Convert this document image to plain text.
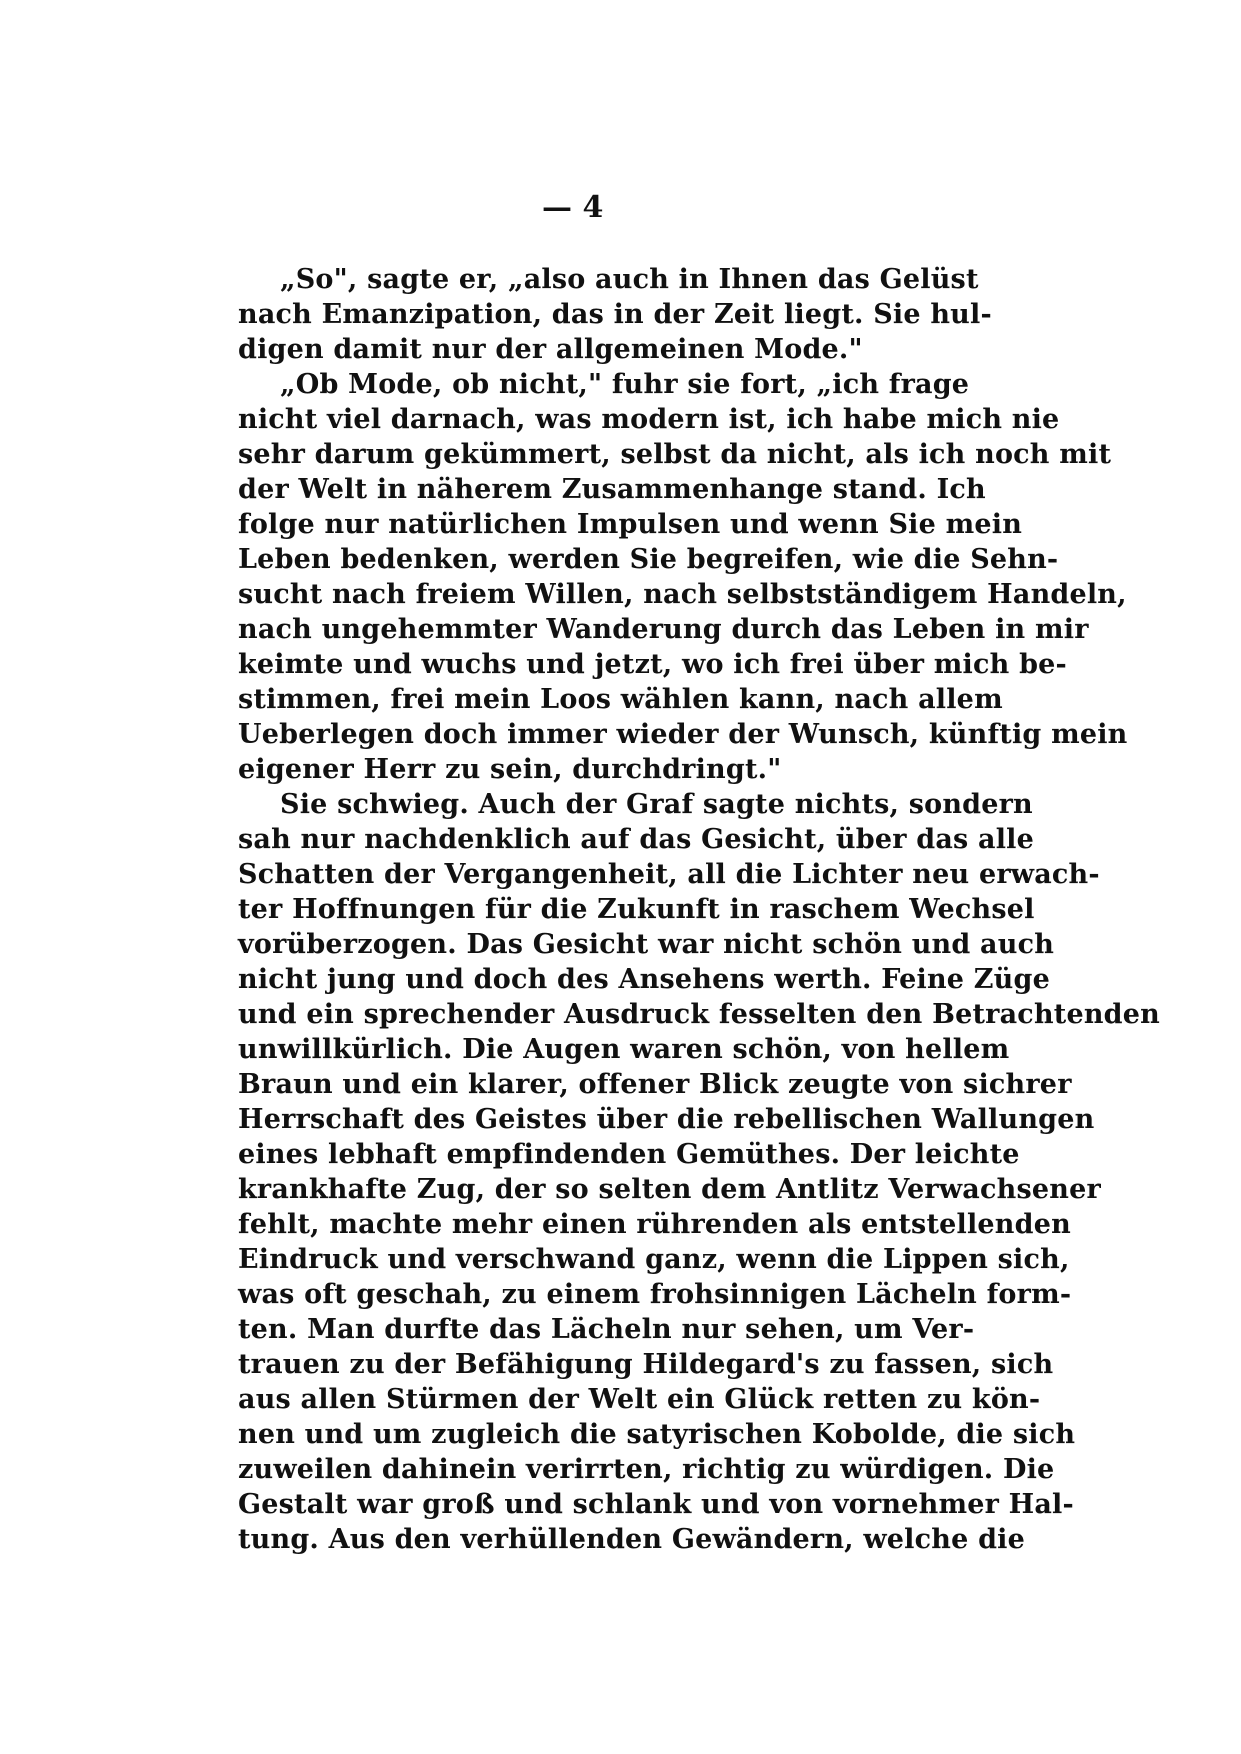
— 4
„So", sagte er, „also auch in Ihnen das Gelüst
nach Emanzipation, das in der Zeit liegt. Sie hul-
digen damit nur der allgemeinen Mode."
„Ob Mode, ob nicht," fuhr sie fort, „ich frage
nicht viel darnach, was modern ist, ich habe mich nie
sehr darum gekümmert, selbst da nicht, als ich noch mit
der Welt in näherem Zusammenhange stand. Ich
folge nur natürlichen Impulsen und wenn Sie mein
Leben bedenken, werden Sie begreifen, wie die Sehn-
sucht nach freiem Willen, nach selbstständigem Handeln,
nach ungehemmter Wanderung durch das Leben in mir
keimte und wuchs und jetzt, wo ich frei über mich be-
stimmen, frei mein Loos wählen kann, nach allem
Ueberlegen doch immer wieder der Wunsch, künftig mein
eigener Herr zu sein, durchdringt."
Sie schwieg. Auch der Graf sagte nichts, sondern
sah nur nachdenklich auf das Gesicht, über das alle
Schatten der Vergangenheit, all die Lichter neu erwach-
ter Hoffnungen für die Zukunft in raschem Wechsel
vorüberzogen. Das Gesicht war nicht schön und auch
nicht jung und doch des Ansehens werth. Feine Züge
und ein sprechender Ausdruck fesselten den Betrachtenden
unwillkürlich. Die Augen waren schön, von hellem
Braun und ein klarer, offener Blick zeugte von sichrer
Herrschaft des Geistes über die rebellischen Wallungen
eines lebhaft empfindenden Gemüthes. Der leichte
krankhafte Zug, der so selten dem Antlitz Verwachsener
fehlt, machte mehr einen rührenden als entstellenden
Eindruck und verschwand ganz, wenn die Lippen sich,
was oft geschah, zu einem frohsinnigen Lächeln form-
ten. Man durfte das Lächeln nur sehen, um Ver-
trauen zu der Befähigung Hildegard's zu fassen, sich
aus allen Stürmen der Welt ein Glück retten zu kön-
nen und um zugleich die satyrischen Kobolde, die sich
zuweilen dahinein verirrten, richtig zu würdigen. Die
Gestalt war groß und schlank und von vornehmer Hal-
tung. Aus den verhüllenden Gewändern, welche die
